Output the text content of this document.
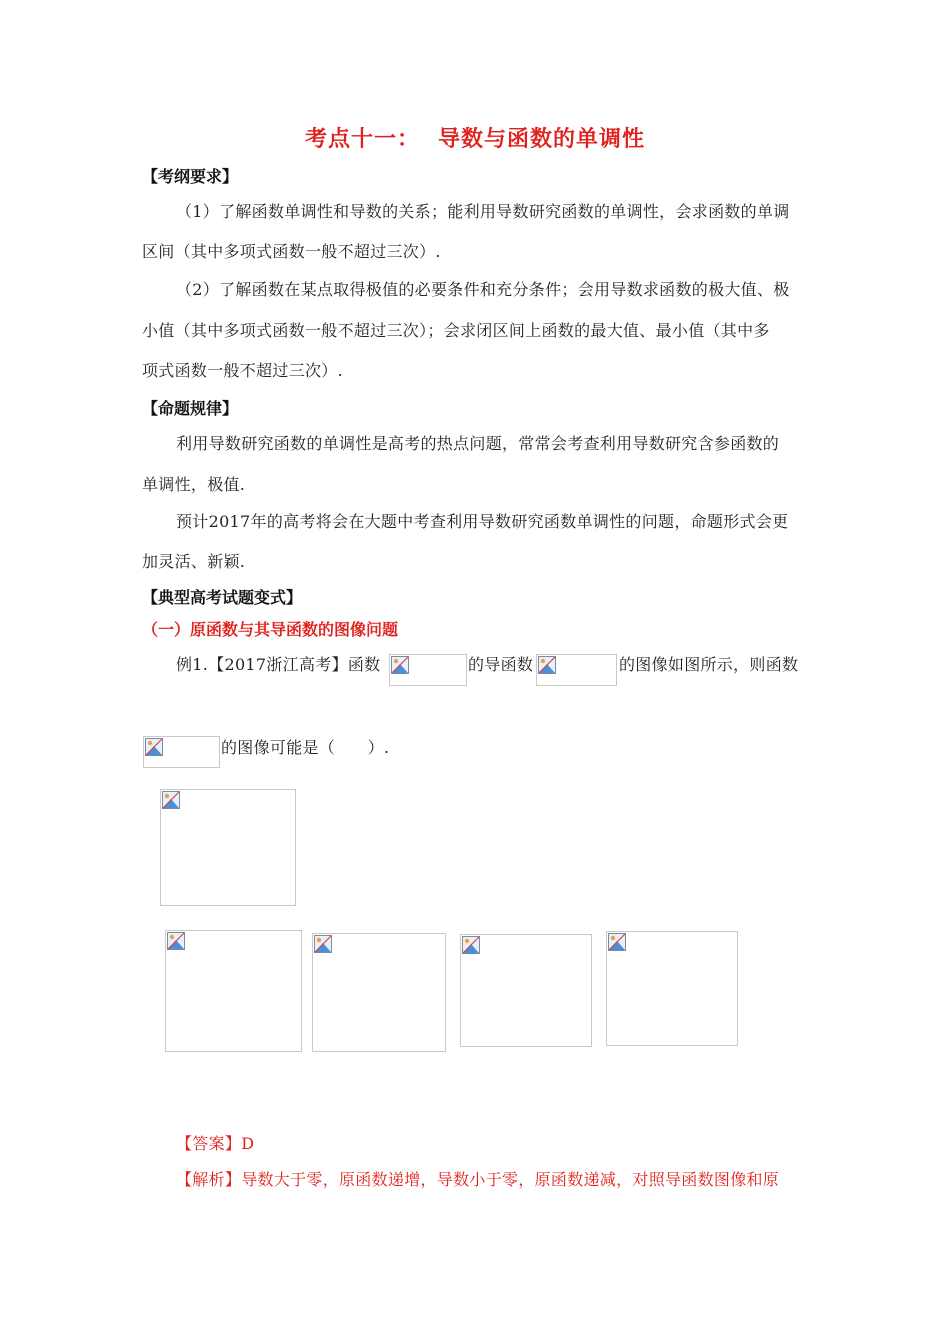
考点十一： 导数与函数的单调性
【考纲要求】
（1）了解函数单调性和导数的关系；能利用导数研究函数的单调性，会求函数的单调
区间（其中多项式函数一般不超过三次）.
（2）了解函数在某点取得极值的必要条件和充分条件；会用导数求函数的极大值、极
小值（其中多项式函数一般不超过三次）；会求闭区间上函数的最大值、最小值（其中多
项式函数一般不超过三次）.
【命题规律】
利用导数研究函数的单调性是高考的热点问题，常常会考查利用导数研究含参函数的
单调性，极值.
预计2017年的高考将会在大题中考查利用导数研究函数单调性的问题，命题形式会更
加灵活、新颖.
【典型高考试题变式】
（一）原函数与其导函数的图像问题
例1.【2017浙江高考】函数	的导函数	的图像如图所示，则函数
的图像可能是（　　）.
【答案】D
【解析】导数大于零，原函数递增，导数小于零，原函数递减，对照导函数图像和原
